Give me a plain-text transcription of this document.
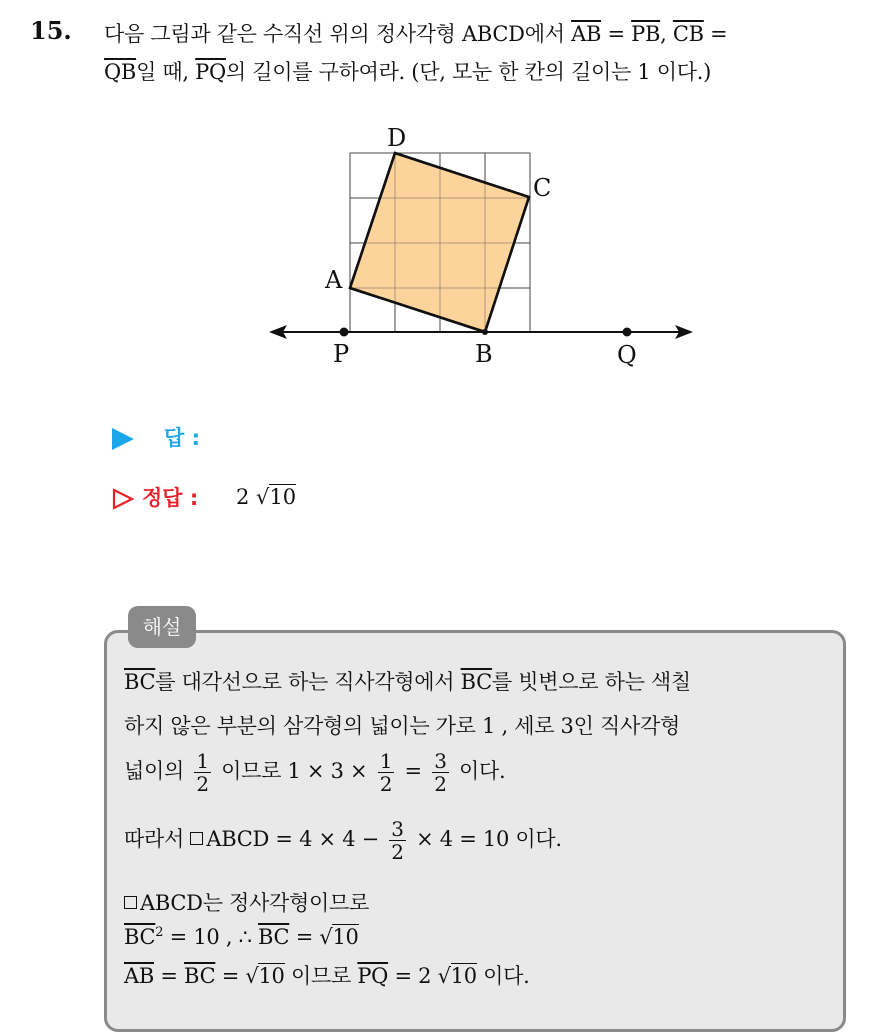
15. 다음 그림과 같은 수직선 위의 정사각형 ABCD에서 $\overline{AB} = \overline{PB}$, $\overline{CB}$ =
$\overline{QB}$일 때, $\overline{PQ}$의 길이를 구하여라. (단, 모눈 한 칸의 길이는 1 이다.)
D
C
A
P	B	Q
답 :
정답 : 2 √10
해설
$\overline{BC}$를 대각선으로 하는 직사각형에서 $\overline{BC}$를 빗변으로 하는 색칠
하지 않은 부분의 삼각형의 넓이는 가로 1 , 세로 3인 직사각형
넓이의 $\frac{1}{2}$ 이므로 $1 \times 3 \times \frac{1}{2} = \frac{3}{2}$ 이다.
따라서 ABCD = $4 \times 4 - \frac{3}{2} \times 4 = 10$ 이다.
ABCD는 정사각형이므로
$\overline{BC}^2 = 10$ , ∴ $\overline{BC} = √10$
$\overline{AB} = \overline{BC} = √10$ 이므로 $\overline{PQ} = 2$ √10 이다.
